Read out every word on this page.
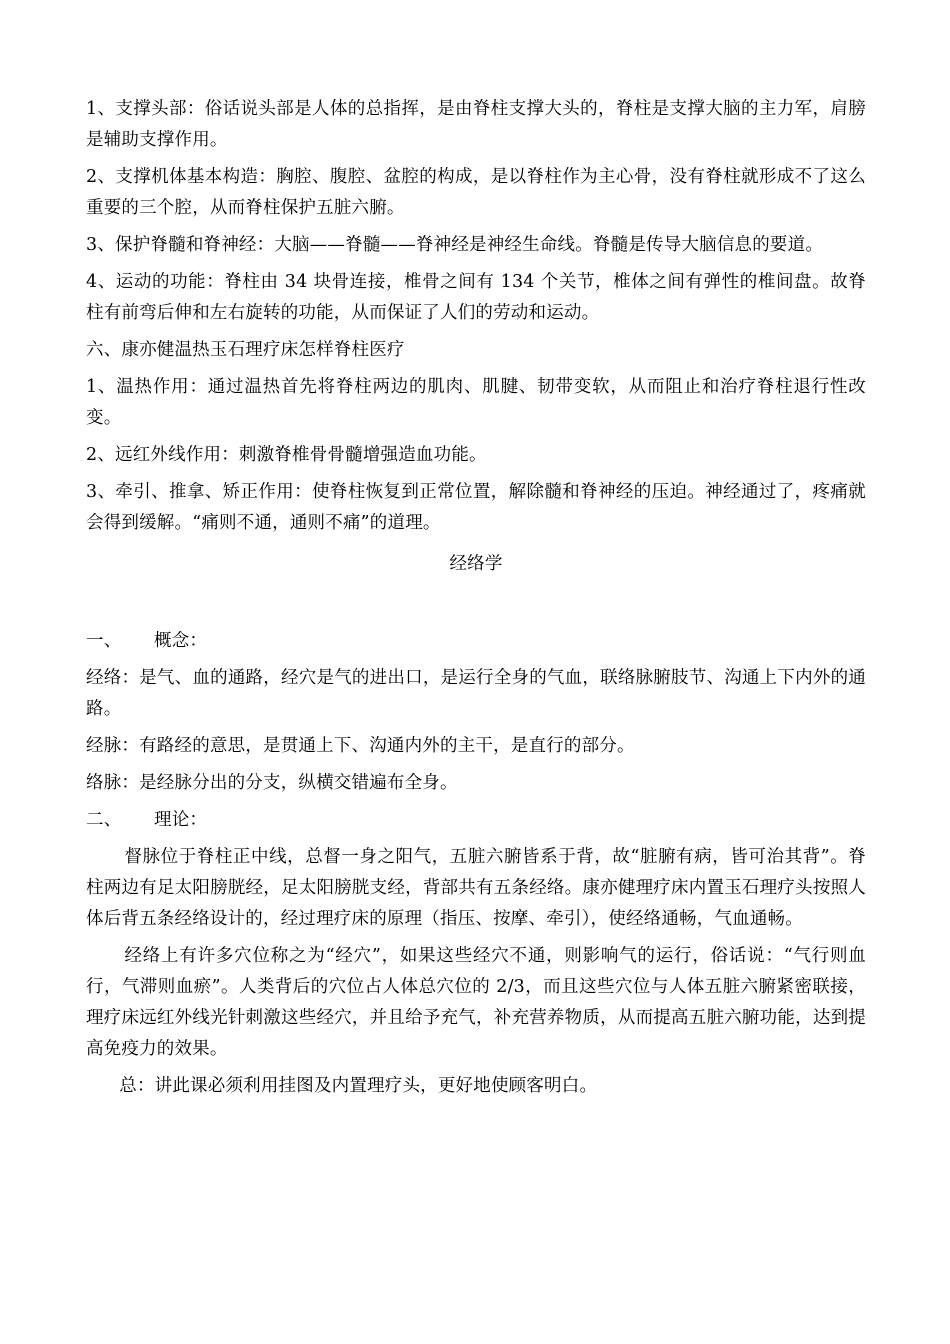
1、支撑头部：俗话说头部是人体的总指挥，是由脊柱支撑大头的，脊柱是支撑大脑的主力军，肩膀是辅助支撑作用。

2、支撑机体基本构造：胸腔、腹腔、盆腔的构成，是以脊柱作为主心骨，没有脊柱就形成不了这么重要的三个腔，从而脊柱保护五脏六腑。

3、保护脊髓和脊神经：大脑——脊髓——脊神经是神经生命线。脊髓是传导大脑信息的要道。

4、运动的功能：脊柱由 34 块骨连接，椎骨之间有 134 个关节，椎体之间有弹性的椎间盘。故脊柱有前弯后伸和左右旋转的功能，从而保证了人们的劳动和运动。

六、康亦健温热玉石理疗床怎样脊柱医疗

1、温热作用：通过温热首先将脊柱两边的肌肉、肌腱、韧带变软，从而阻止和治疗脊柱退行性改变。

2、远红外线作用：刺激脊椎骨骨髓增强造血功能。

3、牵引、推拿、矫正作用：使脊柱恢复到正常位置，解除髓和脊神经的压迫。神经通过了，疼痛就会得到缓解。“痛则不通，通则不痛”的道理。

经络学

一、 概念：

经络：是气、血的通路，经穴是气的进出口，是运行全身的气血，联络脉腑肢节、沟通上下内外的通路。

经脉：有路经的意思，是贯通上下、沟通内外的主干，是直行的部分。

络脉：是经脉分出的分支，纵横交错遍布全身。

二、 理论：

督脉位于脊柱正中线，总督一身之阳气，五脏六腑皆系于背，故“脏腑有病，皆可治其背”。脊柱两边有足太阳膀胱经，足太阳膀胱支经，背部共有五条经络。康亦健理疗床内置玉石理疗头按照人体后背五条经络设计的，经过理疗床的原理（指压、按摩、牵引），使经络通畅，气血通畅。

经络上有许多穴位称之为“经穴”，如果这些经穴不通，则影响气的运行，俗话说：“气行则血行，气滞则血瘀”。人类背后的穴位占人体总穴位的 2/3，而且这些穴位与人体五脏六腑紧密联接，理疗床远红外线光针刺激这些经穴，并且给予充气，补充营养物质，从而提高五脏六腑功能，达到提高免疫力的效果。

总：讲此课必须利用挂图及内置理疗头，更好地使顾客明白。
